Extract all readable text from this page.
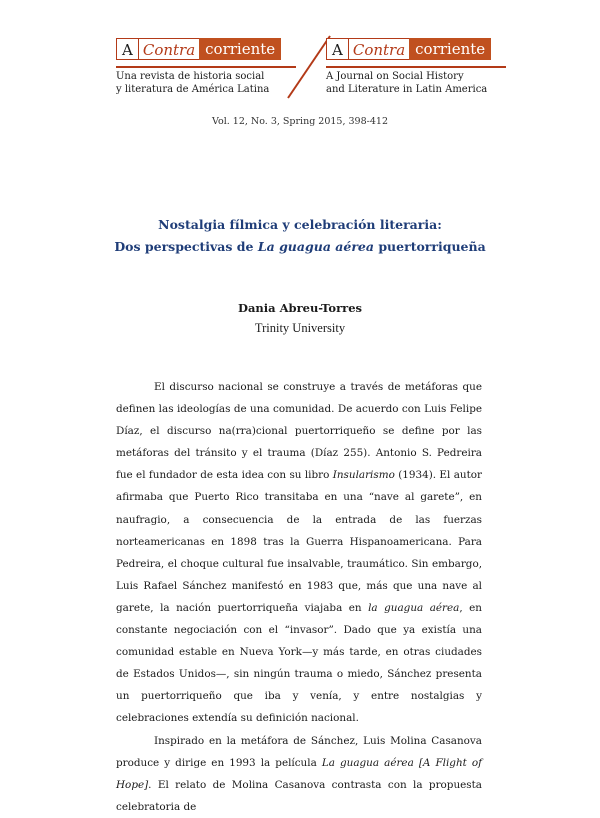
A Contra corriente
Una revista de historia social
y literatura de América Latina
A Contra corriente
A Journal on Social History
and Literature in Latin America
Vol. 12, No. 3, Spring 2015, 398-412
Nostalgia fílmica y celebración literaria:
Dos perspectivas de La guagua aérea puertorriqueña
Dania Abreu-Torres
Trinity University

El discurso nacional se construye a través de metáforas que definen las ideologías de una comunidad. De acuerdo con Luis Felipe Díaz, el discurso na(rra)cional puertorriqueño se define por las metáforas del tránsito y el trauma (Díaz 255). Antonio S. Pedreira fue el fundador de esta idea con su libro Insularismo (1934). El autor afirmaba que Puerto Rico transitaba en una “nave al garete”, en naufragio, a consecuencia de la entrada de las fuerzas norteamericanas en 1898 tras la Guerra Hispanoamericana. Para Pedreira, el choque cultural fue insalvable, traumático. Sin embargo, Luis Rafael Sánchez manifestó en 1983 que, más que una nave al garete, la nación puertorriqueña viajaba en la guagua aérea, en constante negociación con el “invasor”. Dado que ya existía una comunidad estable en Nueva York—y más tarde, en otras ciudades de Estados Unidos—, sin ningún trauma o miedo, Sánchez presenta un puertorriqueño que iba y venía, y entre nostalgias y celebraciones extendía su definición nacional.

Inspirado en la metáfora de Sánchez, Luis Molina Casanova produce y dirige en 1993 la película La guagua aérea [A Flight of Hope]. El relato de Molina Casanova contrasta con la propuesta celebratoria de
